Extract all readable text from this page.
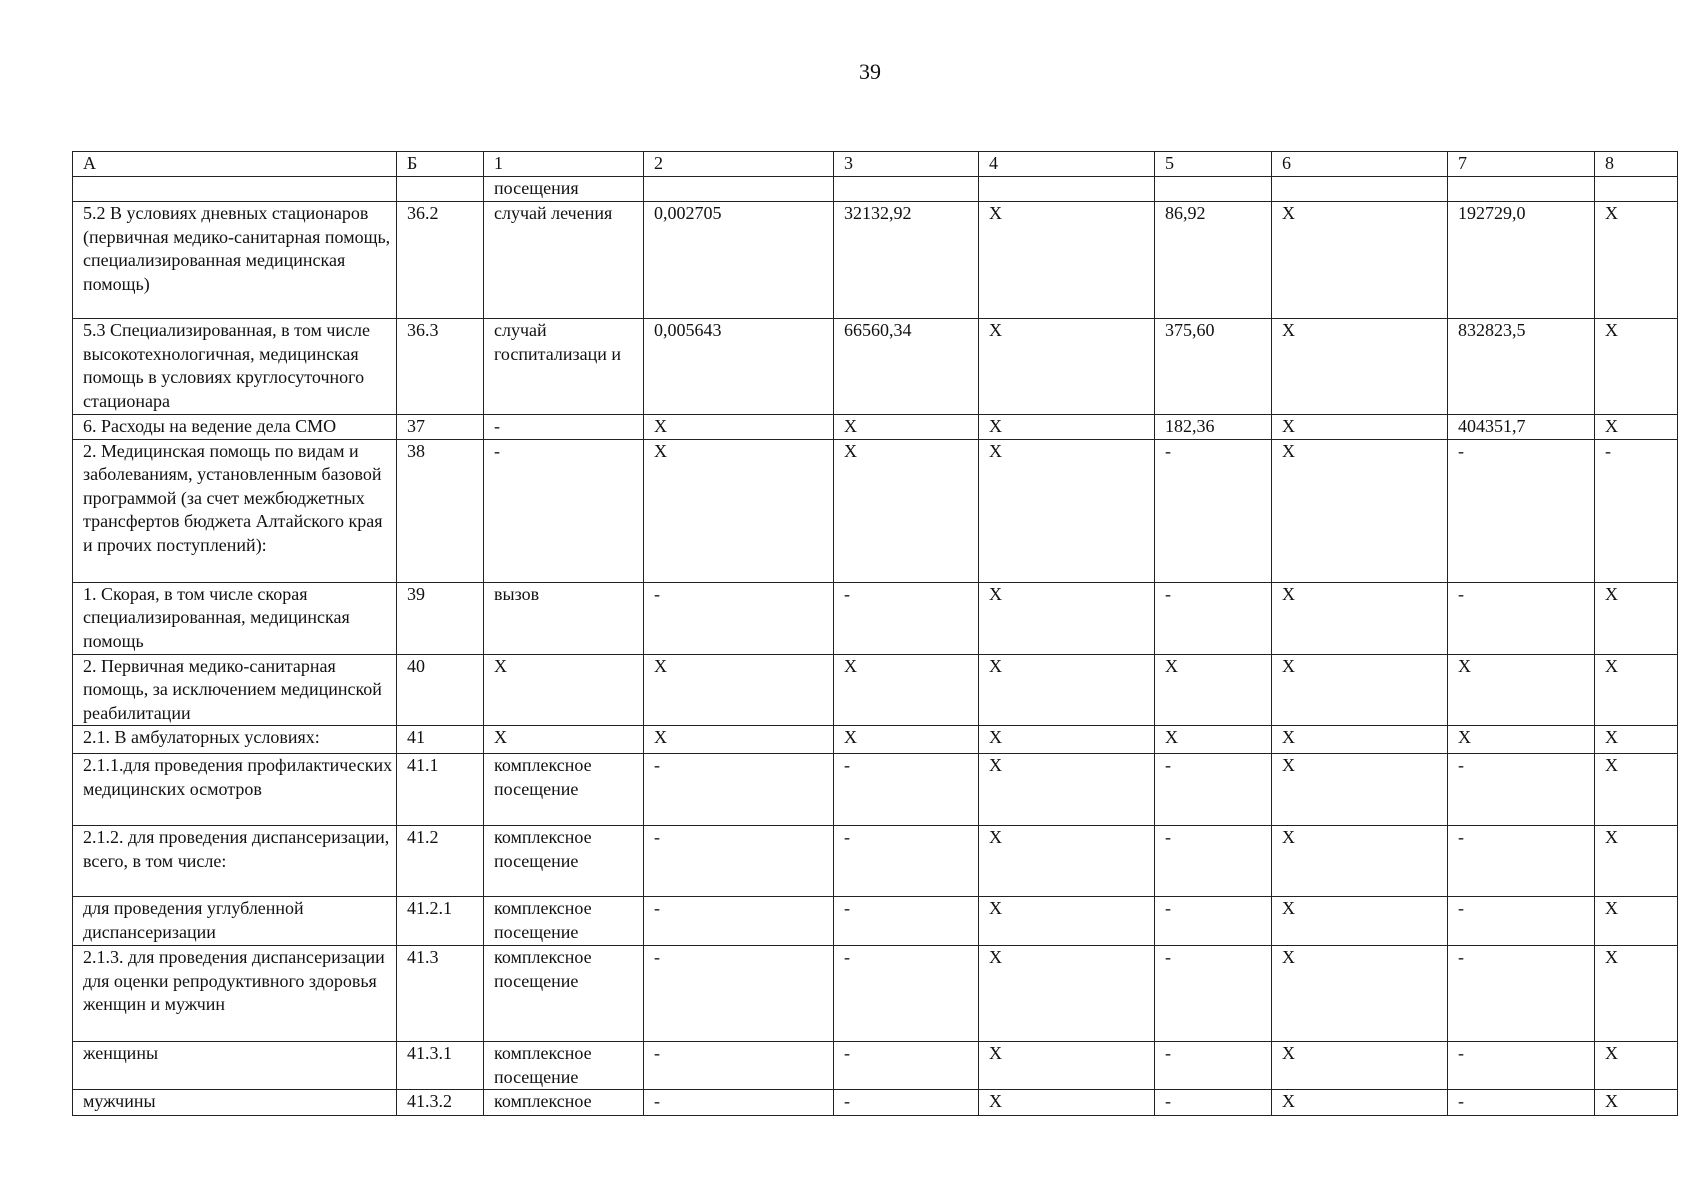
39
А	Б	1	2	3	4	5	6	7	8
		посещения							
5.2 В условиях дневных стационаров (первичная медико-санитарная помощь, специализированная медицинская помощь)	36.2	случай лечения	0,002705	32132,92	X	86,92	X	192729,0	X
5.3 Специализированная, в том числе высокотехнологичная, медицинская помощь в условиях круглосуточного стационара	36.3	случай госпитализаци и	0,005643	66560,34	X	375,60	X	832823,5	X
6. Расходы на ведение дела СМО	37	-	X	X	X	182,36	X	404351,7	X
2. Медицинская помощь по видам и заболеваниям, установленным базовой программой (за счет межбюджетных трансфертов бюджета Алтайского края и прочих поступлений):	38	-	X	X	X	-	X	-	-
1. Скорая, в том числе скорая специализированная, медицинская помощь	39	вызов	-	-	X	-	X	-	X
2. Первичная медико-санитарная помощь, за исключением медицинской реабилитации	40	X	X	X	X	X	X	X	X
2.1. В амбулаторных условиях:	41	X	X	X	X	X	X	X	X
2.1.1.для проведения профилактических медицинских осмотров	41.1	комплексное посещение	-	-	X	-	X	-	X
2.1.2. для проведения диспансеризации, всего, в том числе:	41.2	комплексное посещение	-	-	X	-	X	-	X
для проведения углубленной диспансеризации	41.2.1	комплексное посещение	-	-	X	-	X	-	X
2.1.3. для проведения диспансеризации для оценки репродуктивного здоровья женщин и мужчин	41.3	комплексное посещение	-	-	X	-	X	-	X
женщины	41.3.1	комплексное посещение	-	-	X	-	X	-	X
мужчины	41.3.2	комплексное	-	-	X	-	X	-	X
